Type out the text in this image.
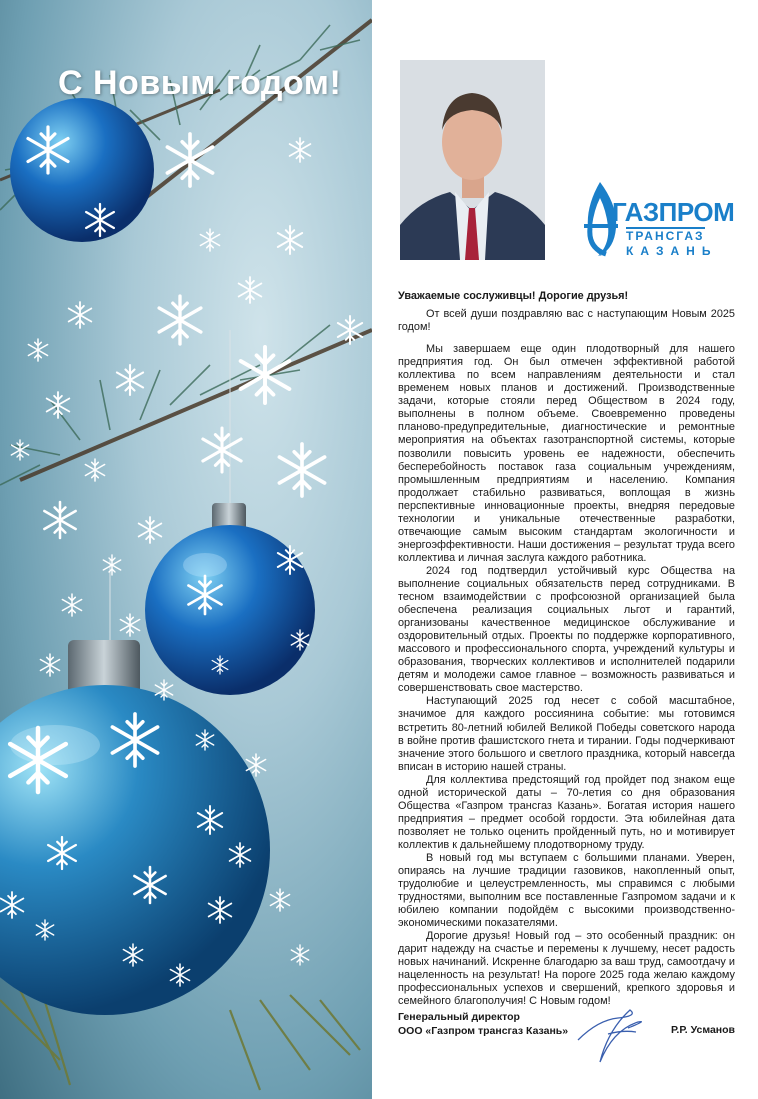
С Новым годом!
ГАЗПРОМ
ТРАНСГАЗ
КАЗАНЬ
Уважаемые сослуживцы! Дорогие друзья!

От всей души поздравляю вас с наступающим Новым 2025 годом!

Мы завершаем еще один плодотворный для нашего предприятия год. Он был отмечен эффективной работой коллектива по всем направлениям деятельности и стал временем новых планов и достижений. Производственные задачи, которые стояли перед Обществом в 2024 году, выполнены в полном объеме. Своевременно проведены планово-предупредительные, диагностические и ремонтные мероприятия на объектах газотранспортной системы, которые позволили повысить уровень ее надежности, обеспечить бесперебойность поставок газа социальным учреждениям, промышленным предприятиям и населению. Компания продолжает стабильно развиваться, воплощая в жизнь перспективные инновационные проекты, внедряя передовые технологии и уникальные отечественные разработки, отвечающие самым высоким стандартам экологичности и энергоэффективности. Наши достижения – результат труда всего коллектива и личная заслуга каждого работника.

2024 год подтвердил устойчивый курс Общества на выполнение социальных обязательств перед сотрудниками. В тесном взаимодействии с профсоюзной организацией была обеспечена реализация социальных льгот и гарантий, организованы качественное медицинское обслуживание и оздоровительный отдых. Проекты по поддержке корпоративного, массового и профессионального спорта, учреждений культуры и образования, творческих коллективов и исполнителей подарили детям и молодежи самое главное – возможность развиваться и совершенствовать свое мастерство.

Наступающий 2025 год несет с собой масштабное, значимое для каждого россиянина событие: мы готовимся встретить 80-летний юбилей Великой Победы советского народа в войне против фашистского гнета и тирании. Годы подчеркивают значение этого большого и светлого праздника, который навсегда вписан в историю нашей страны.

Для коллектива предстоящий год пройдет под знаком еще одной исторической даты – 70-летия со дня образования Общества «Газпром трансгаз Казань». Богатая история нашего предприятия – предмет особой гордости. Эта юбилейная дата позволяет не только оценить пройденный путь, но и мотивирует коллектив к дальнейшему плодотворному труду.

В новый год мы вступаем с большими планами. Уверен, опираясь на лучшие традиции газовиков, накопленный опыт, трудолюбие и целеустремленность, мы справимся с любыми трудностями, выполним все поставленные Газпромом задачи и к юбилею компании подойдём с высокими производственно-экономическими показателями.

Дорогие друзья! Новый год – это особенный праздник: он дарит надежду на счастье и перемены к лучшему, несет радость новых начинаний. Искренне благодарю за ваш труд, самоотдачу и нацеленность на результат! На пороге 2025 года желаю каждому профессиональных успехов и свершений, крепкого здоровья и семейного благополучия! С Новым годом!

Генеральный директор
ООО «Газпром трансгаз Казань»	Р.Р. Усманов
